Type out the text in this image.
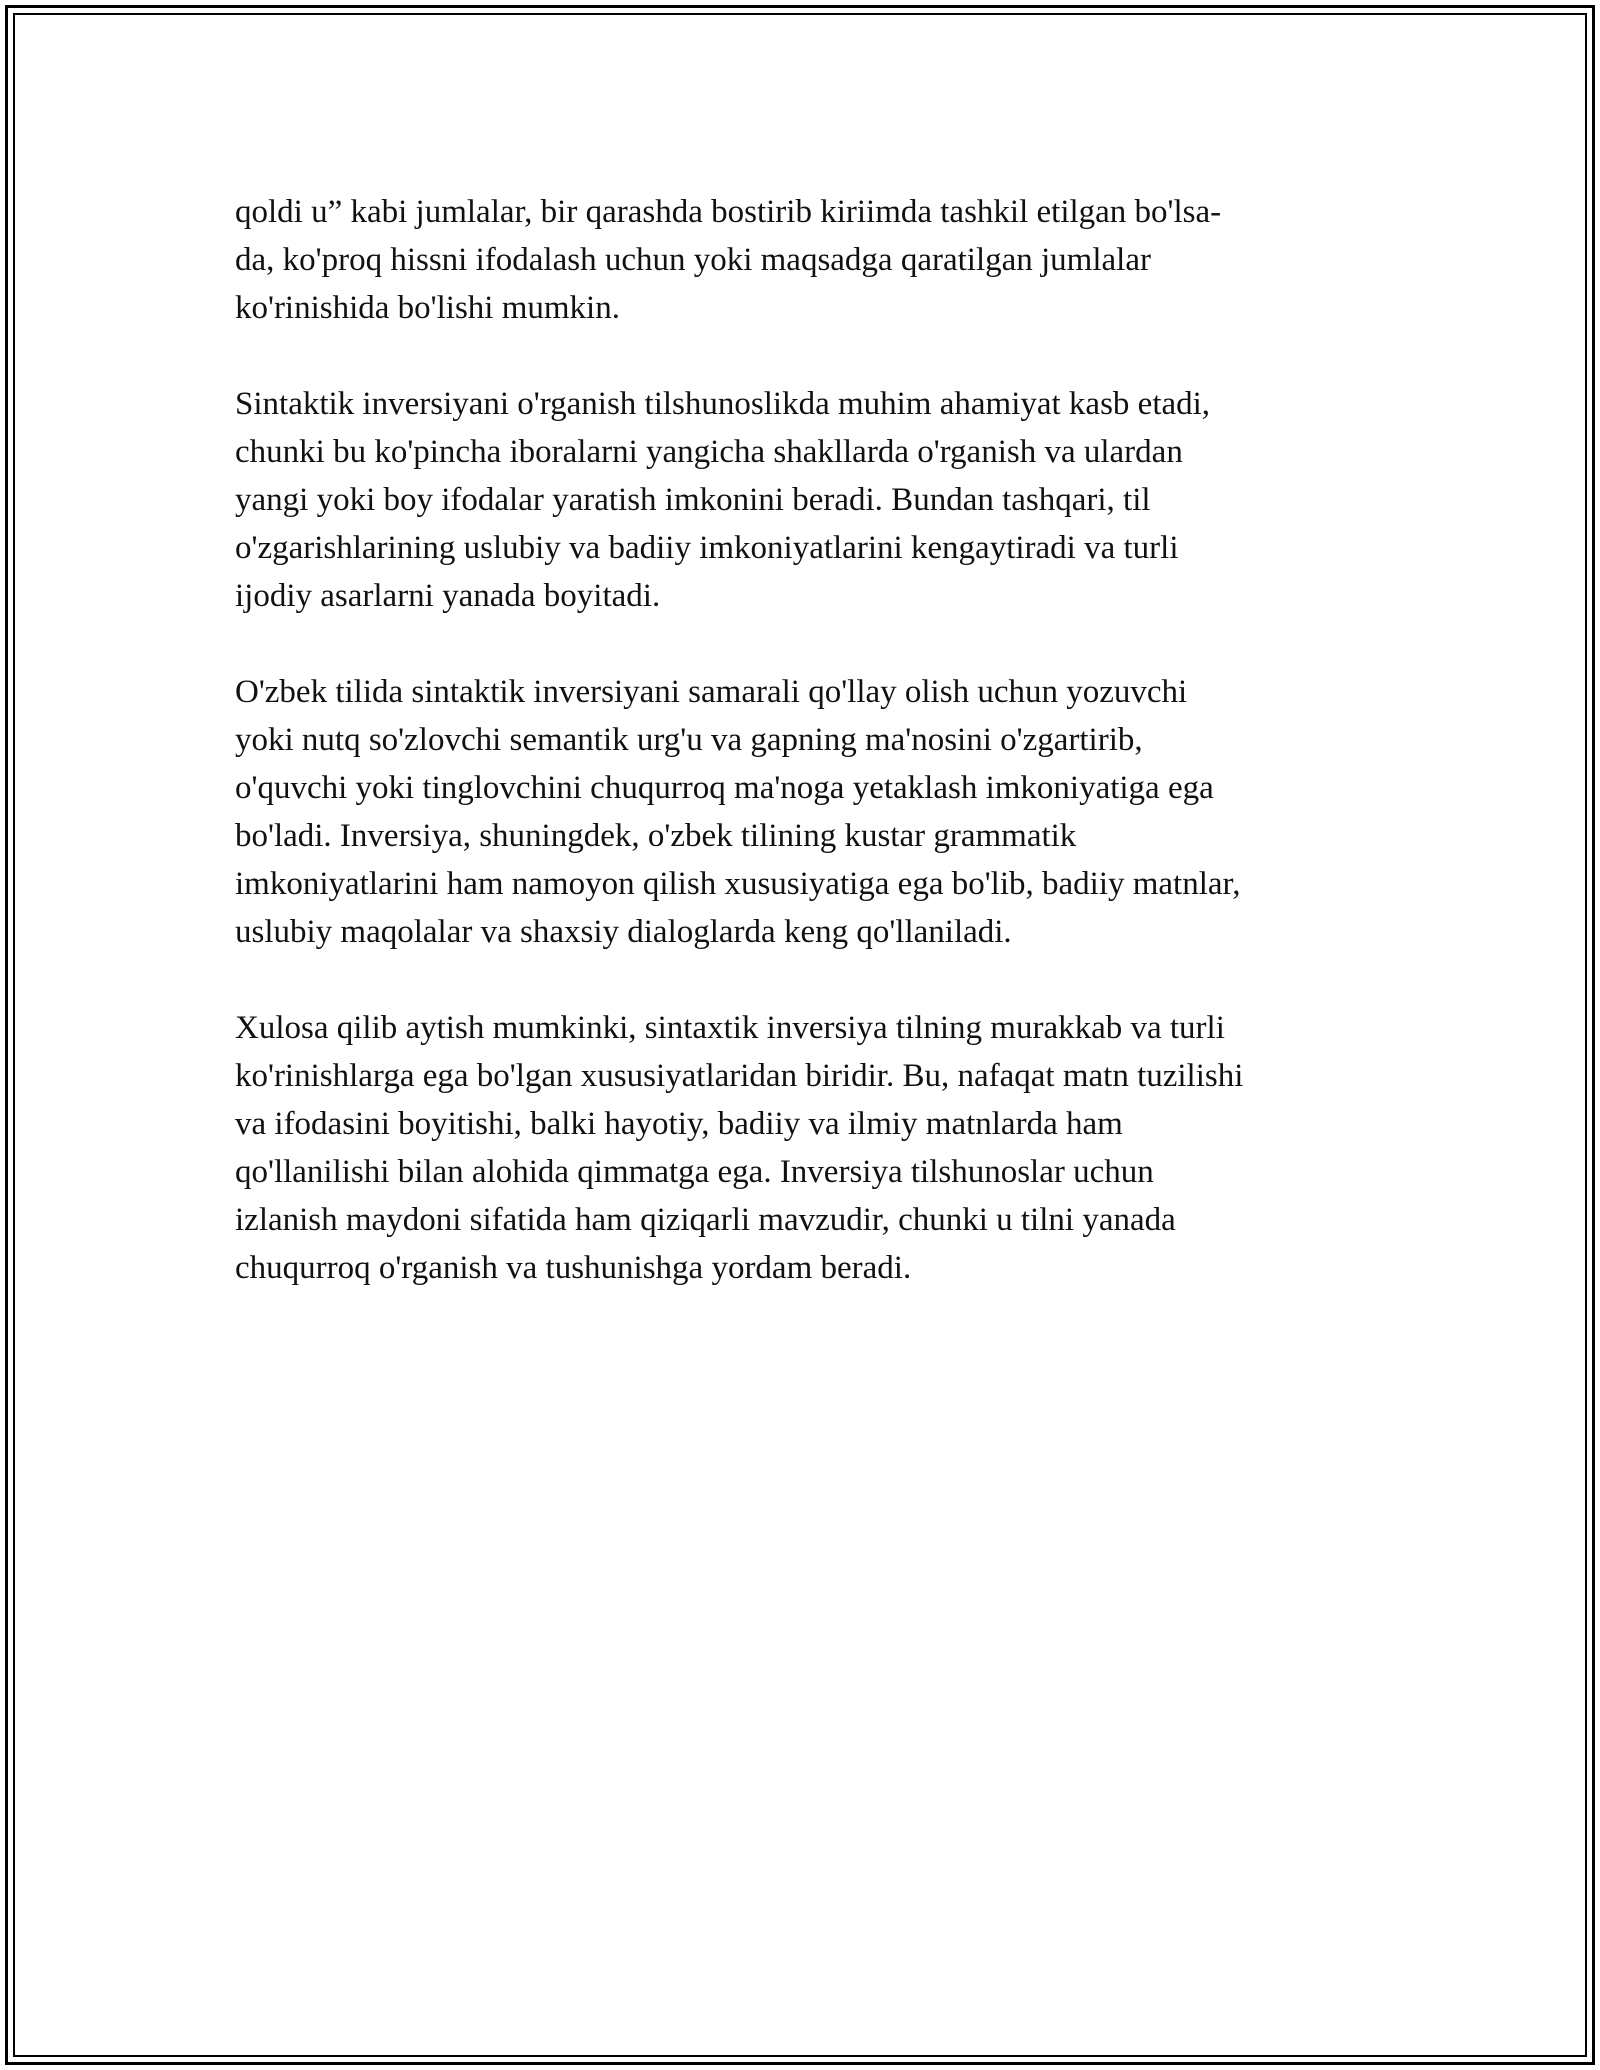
qoldi u” kabi jumlalar, bir qarashda bostirib kiriimda tashkil etilgan bo'lsa-
da, ko'proq hissni ifodalash uchun yoki maqsadga qaratilgan jumlalar
ko'rinishida bo'lishi mumkin.

Sintaktik inversiyani o'rganish tilshunoslikda muhim ahamiyat kasb etadi,
chunki bu ko'pincha iboralarni yangicha shakllarda o'rganish va ulardan
yangi yoki boy ifodalar yaratish imkonini beradi. Bundan tashqari, til
o'zgarishlarining uslubiy va badiiy imkoniyatlarini kengaytiradi va turli
ijodiy asarlarni yanada boyitadi.

O'zbek tilida sintaktik inversiyani samarali qo'llay olish uchun yozuvchi
yoki nutq so'zlovchi semantik urg'u va gapning ma'nosini o'zgartirib,
o'quvchi yoki tinglovchini chuqurroq ma'noga yetaklash imkoniyatiga ega
bo'ladi. Inversiya, shuningdek, o'zbek tilining kustar grammatik
imkoniyatlarini ham namoyon qilish xususiyatiga ega bo'lib, badiiy matnlar,
uslubiy maqolalar va shaxsiy dialoglarda keng qo'llaniladi.

Xulosa qilib aytish mumkinki, sintaxtik inversiya tilning murakkab va turli
ko'rinishlarga ega bo'lgan xususiyatlaridan biridir. Bu, nafaqat matn tuzilishi
va ifodasini boyitishi, balki hayotiy, badiiy va ilmiy matnlarda ham
qo'llanilishi bilan alohida qimmatga ega. Inversiya tilshunoslar uchun
izlanish maydoni sifatida ham qiziqarli mavzudir, chunki u tilni yanada
chuqurroq o'rganish va tushunishga yordam beradi.
